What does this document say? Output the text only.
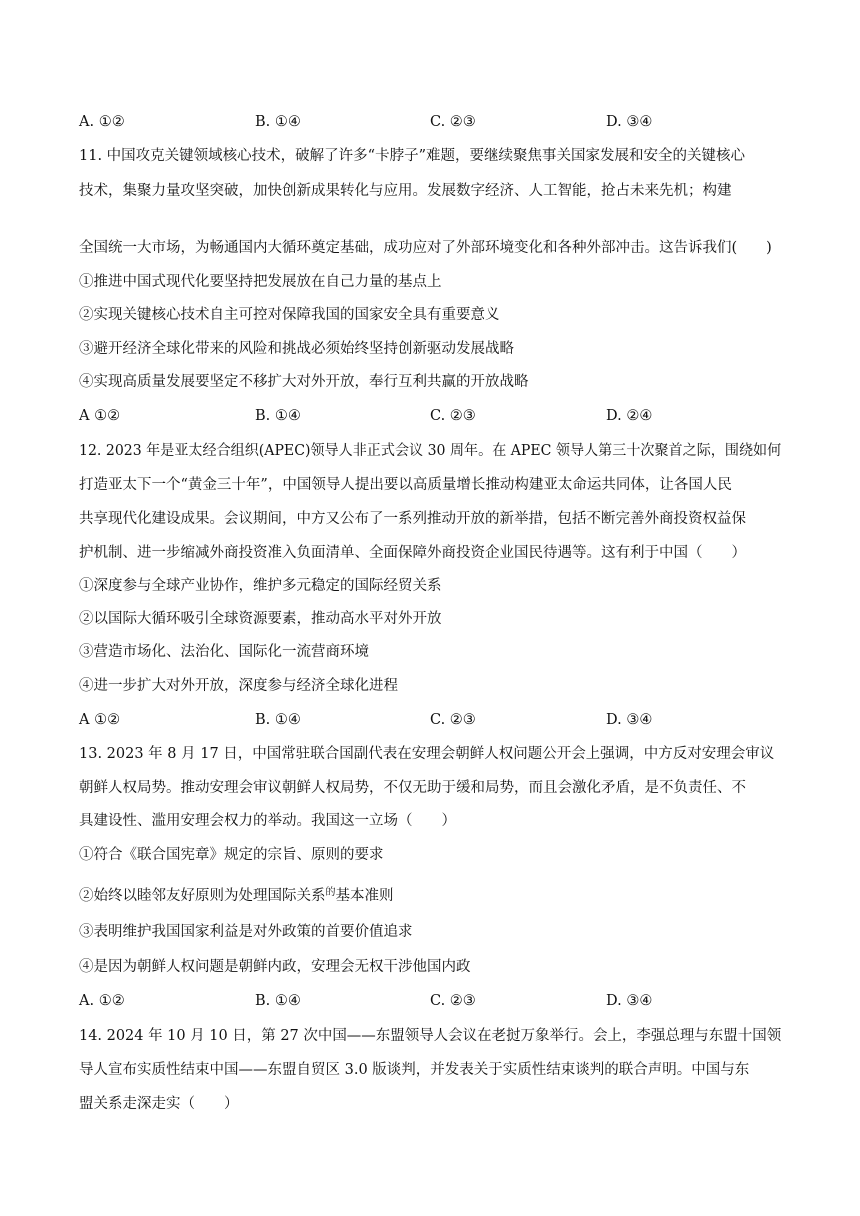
A. ①②	B. ①④	C. ②③	D. ③④
11. 中国攻克关键领域核心技术，破解了许多“卡脖子”难题，要继续聚焦事关国家发展和安全的关键核心
技术，集聚力量攻坚突破，加快创新成果转化与应用。发展数字经济、人工智能，抢占未来先机；构建
全国统一大市场，为畅通国内大循环奠定基础，成功应对了外部环境变化和各种外部冲击。这告诉我们(　　)
①推进中国式现代化要坚持把发展放在自己力量的基点上
②实现关键核心技术自主可控对保障我国的国家安全具有重要意义
③避开经济全球化带来的风险和挑战必须始终坚持创新驱动发展战略
④实现高质量发展要坚定不移扩大对外开放，奉行互利共赢的开放战略
A ①②	B. ①④	C. ②③	D. ②④
12. 2023 年是亚太经合组织(APEC)领导人非正式会议 30 周年。在 APEC 领导人第三十次聚首之际，围绕如何
打造亚太下一个“黄金三十年”，中国领导人提出要以高质量增长推动构建亚太命运共同体，让各国人民
共享现代化建设成果。会议期间，中方又公布了一系列推动开放的新举措，包括不断完善外商投资权益保
护机制、进一步缩减外商投资准入负面清单、全面保障外商投资企业国民待遇等。这有利于中国（　　）
①深度参与全球产业协作，维护多元稳定的国际经贸关系
②以国际大循环吸引全球资源要素，推动高水平对外开放
③营造市场化、法治化、国际化一流营商环境
④进一步扩大对外开放，深度参与经济全球化进程
A ①②	B. ①④	C. ②③	D. ③④
13. 2023 年 8 月 17 日，中国常驻联合国副代表在安理会朝鲜人权问题公开会上强调，中方反对安理会审议
朝鲜人权局势。推动安理会审议朝鲜人权局势，不仅无助于缓和局势，而且会激化矛盾，是不负责任、不
具建设性、滥用安理会权力的举动。我国这一立场（　　）
①符合《联合国宪章》规定的宗旨、原则的要求
②始终以睦邻友好原则为处理国际关系$^的$基本准则
③表明维护我国国家利益是对外政策的首要价值追求
④是因为朝鲜人权问题是朝鲜内政，安理会无权干涉他国内政
A. ①②	B. ①④	C. ②③	D. ③④
14. 2024 年 10 月 10 日，第 27 次中国——东盟领导人会议在老挝万象举行。会上，李强总理与东盟十国领
导人宣布实质性结束中国——东盟自贸区 3.0 版谈判，并发表关于实质性结束谈判的联合声明。中国与东
盟关系走深走实（　　）
